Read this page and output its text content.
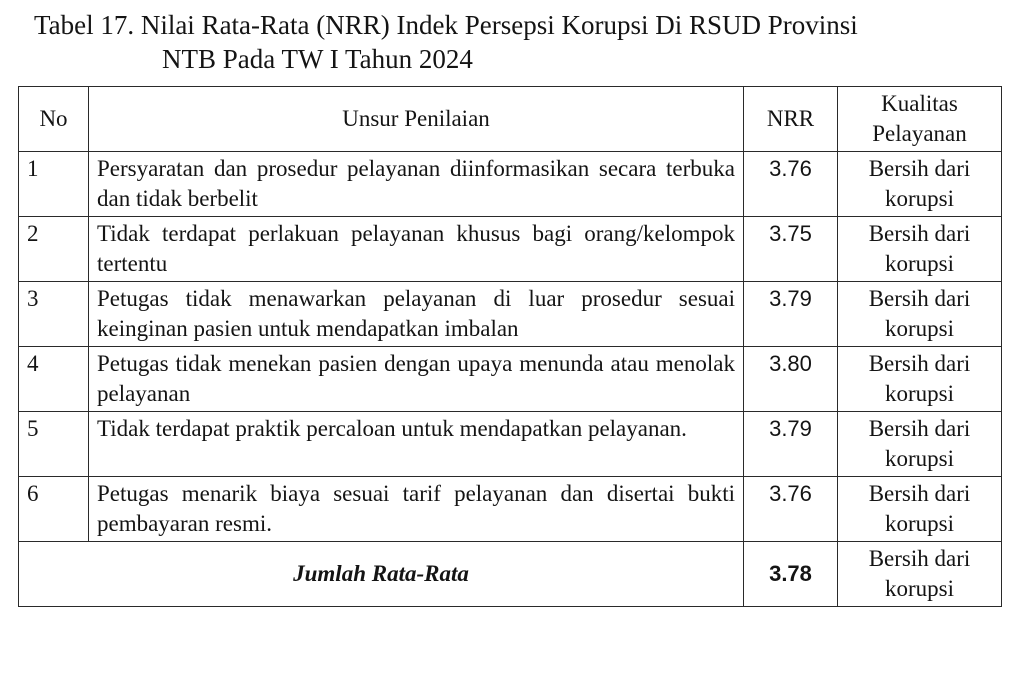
Tabel 17. Nilai Rata-Rata (NRR) Indek Persepsi Korupsi Di RSUD Provinsi
NTB Pada TW I Tahun 2024
No	Unsur Penilaian	NRR	Kualitas
Pelayanan
1	Persyaratan dan prosedur pelayanan diinformasikan secara terbuka dan tidak berbelit	3.76	Bersih dari
korupsi
2	Tidak terdapat perlakuan pelayanan khusus bagi orang/kelompok tertentu	3.75	Bersih dari
korupsi
3	Petugas tidak menawarkan pelayanan di luar prosedur sesuai keinginan pasien untuk mendapatkan imbalan	3.79	Bersih dari
korupsi
4	Petugas tidak menekan pasien dengan upaya menunda atau menolak pelayanan	3.80	Bersih dari
korupsi
5	Tidak terdapat praktik percaloan untuk mendapatkan pelayanan.	3.79	Bersih dari
korupsi
6	Petugas menarik biaya sesuai tarif pelayanan dan disertai bukti pembayaran resmi.	3.76	Bersih dari
korupsi
Jumlah Rata-Rata		3.78	Bersih dari
korupsi
